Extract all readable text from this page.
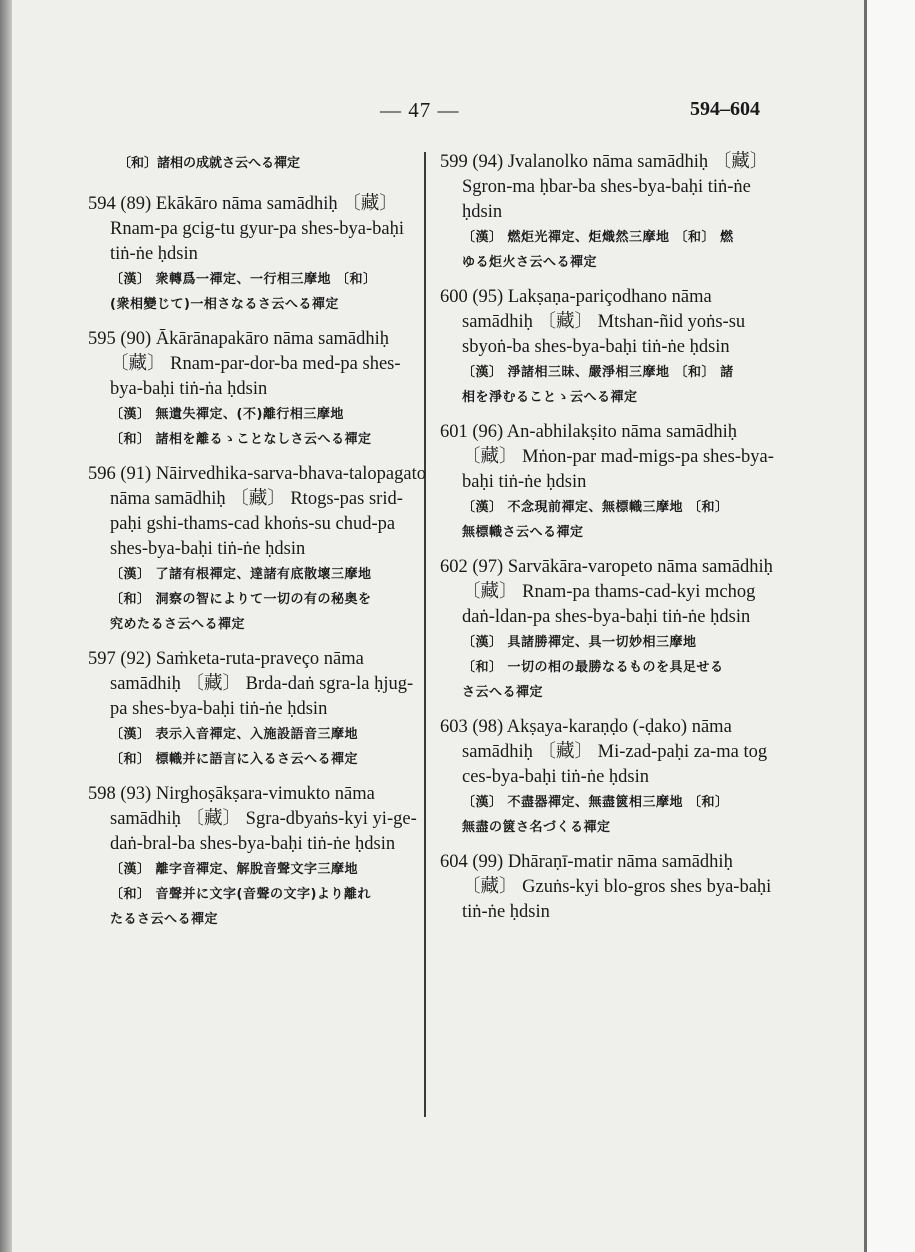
— 47 —	594–604
〔和〕諸相の成就さ云へる禪定
594 (89) Ekākāro nāma samādhiḥ 〔藏〕 Rnam-pa gcig-tu gyur-pa shes-bya-baḥi tiṅ-ṅe ḥdsin
〔漢〕 衆轉爲一禪定、一行相三摩地 〔和〕
(衆相變じて)一相さなるさ云へる禪定
595 (90) Ākārānapakāro nāma samādhiḥ 〔藏〕 Rnam-par-dor-ba med-pa shes-bya-baḥi tiṅ-ṅa ḥdsin
〔漢〕 無遺失禪定、(不)離行相三摩地
〔和〕 諸相を離るゝことなしさ云へる禪定
596 (91) Nāirvedhika-sarva-bhava-talopagato nāma samādhiḥ 〔藏〕 Rtogs-pas srid-paḥi gshi-thams-cad khoṅs-su chud-pa shes-bya-baḥi tiṅ-ṅe ḥdsin
〔漢〕 了諸有根禪定、達諸有底散壞三摩地
〔和〕 洞察の智によりて一切の有の秘奥を
究めたるさ云へる禪定
597 (92) Saṁketa-ruta-praveço nāma samādhiḥ 〔藏〕 Brda-daṅ sgra-la ḥjug-pa shes-bya-baḥi tiṅ-ṅe ḥdsin
〔漢〕 表示入音禪定、入施設語音三摩地
〔和〕 標幟并に語言に入るさ云へる禪定
598 (93) Nirghoṣākṣara-vimukto nāma samādhiḥ 〔藏〕 Sgra-dbyaṅs-kyi yi-ge-daṅ-bral-ba shes-bya-baḥi tiṅ-ṅe ḥdsin
〔漢〕 離字音禪定、解脫音聲文字三摩地
〔和〕 音聲并に文字(音聲の文字)より離れ
たるさ云へる禪定
599 (94) Jvalanolko nāma samādhiḥ 〔藏〕 Sgron-ma ḥbar-ba shes-bya-baḥi tiṅ-ṅe ḥdsin
〔漢〕 燃炬光禪定、炬熾然三摩地 〔和〕 燃
ゆる炬火さ云へる禪定
600 (95) Lakṣaṇa-pariçodhano nāma samādhiḥ 〔藏〕 Mtshan-ñid yoṅs-su sbyoṅ-ba shes-bya-baḥi tiṅ-ṅe ḥdsin
〔漢〕 淨諸相三昧、嚴淨相三摩地 〔和〕 諸
相を淨むることゝ云へる禪定
601 (96) An-abhilakṣito nāma samādhiḥ 〔藏〕 Mṅon-par mad-migs-pa shes-bya-baḥi tiṅ-ṅe ḥdsin
〔漢〕 不念現前禪定、無標幟三摩地 〔和〕
無標幟さ云へる禪定
602 (97) Sarvākāra-varopeto nāma samādhiḥ 〔藏〕 Rnam-pa thams-cad-kyi mchog daṅ-ldan-pa shes-bya-baḥi tiṅ-ṅe ḥdsin
〔漢〕 具諸勝禪定、具一切妙相三摩地
〔和〕 一切の相の最勝なるものを具足せる
さ云へる禪定
603 (98) Akṣaya-karaṇḍo (-ḍako) nāma samādhiḥ 〔藏〕 Mi-zad-paḥi za-ma tog ces-bya-baḥi tiṅ-ṅe ḥdsin
〔漢〕 不盡器禪定、無盡篋相三摩地 〔和〕
無盡の篋さ名づくる禪定
604 (99) Dhāraṇī-matir nāma samādhiḥ 〔藏〕 Gzuṅs-kyi blo-gros shes bya-baḥi tiṅ-ṅe ḥdsin
